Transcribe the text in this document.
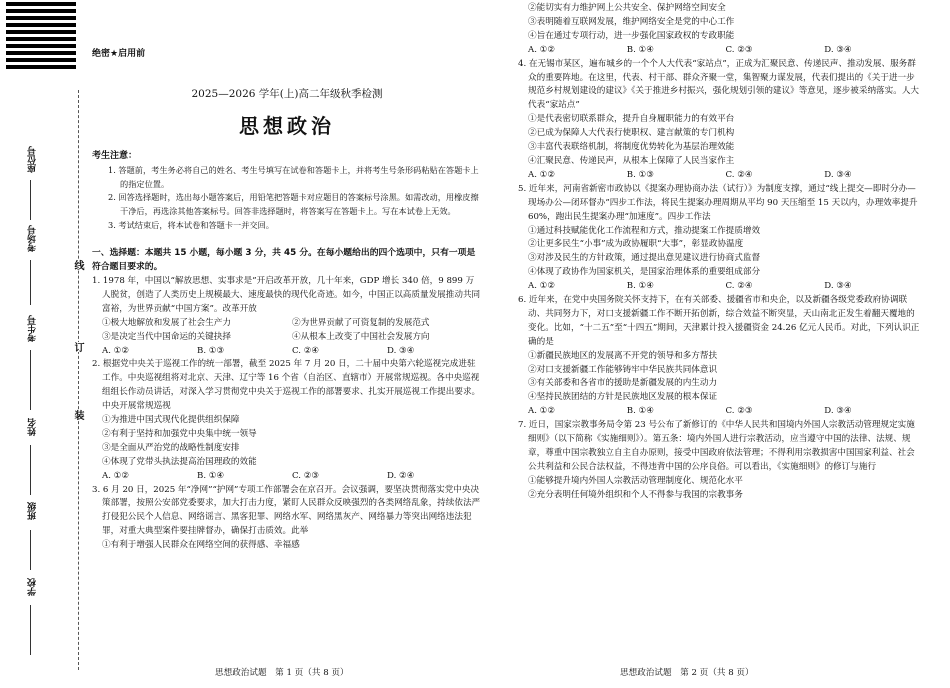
座位号
考场号
考生号
姓名
班级
学校
线
订
装
绝密★启用前
2025—2026 学年(上)高二年级秋季检测
思想政治
考生注意：
1. 答题前，考生务必将自己的姓名、考生号填写在试卷和答题卡上，并将考生号条形码粘贴在答题卡上的指定位置。
2. 回答选择题时，选出每小题答案后，用铅笔把答题卡对应题目的答案标号涂黑。如需改动，用橡皮擦干净后，再选涂其他答案标号。回答非选择题时，将答案写在答题卡上。写在本试卷上无效。
3. 考试结束后，将本试卷和答题卡一并交回。
一、选择题：本题共 15 小题，每小题 3 分，共 45 分。在每小题给出的四个选项中，只有一项是符合题目要求的。
1. 1978 年，中国以“解放思想、实事求是”开启改革开放，几十年来，GDP 增长 340 倍，9 899 万人脱贫，创造了人类历史上规模最大、速度最快的现代化奇迹。如今，中国正以高质量发展推动共同富裕，为世界贡献“中国方案”。改革开放
①极大地解放和发展了社会生产力	②为世界贡献了可资复制的发展范式
③是决定当代中国命运的关键抉择	④从根本上改变了中国社会发展方向
A. ①②	B. ①③	C. ②④	D. ③④
2. 根据党中央关于巡视工作的统一部署，截至 2025 年 7 月 20 日，二十届中央第六轮巡视完成进驻工作。中央巡视组将对北京、天津、辽宁等 16 个省（自治区、直辖市）开展常规巡视。各中央巡视组组长作动员讲话，对深入学习贯彻党中央关于巡视工作的部署要求、扎实开展巡视工作提出要求。中央开展常规巡视
①为推进中国式现代化提供组织保障
②有利于坚持和加强党中央集中统一领导
③是全面从严治党的战略性制度安排
④体现了党带头执法提高治国理政的效能
A. ①②	B. ①④	C. ②③	D. ②④
3. 6 月 20 日，2025 年“净网”“护网”专项工作部署会在京召开。会议强调，要坚决贯彻落实党中央决策部署，按照公安部党委要求，加大打击力度，紧盯人民群众反映强烈的各类网络乱象，持续依法严打侵犯公民个人信息、网络谣言、黑客犯罪、网络水军、网络黑灰产、网络暴力等突出网络违法犯罪，对重大典型案件要挂牌督办，确保打击质效。此举
①有利于增强人民群众在网络空间的获得感、幸福感
思想政治试题　第 1 页（共 8 页）
②能切实有力维护网上公共安全、保护网络空间安全
③表明随着互联网发展，维护网络安全是党的中心工作
④旨在通过专项行动，进一步强化国家政权的专政职能
A. ①②	B. ①④	C. ②③	D. ③④
4. 在无锡市某区，遍布城乡的一个个人大代表“家站点”，正成为汇聚民意、传递民声、推动发展、服务群众的重要阵地。在这里，代表、村干部、群众齐聚一堂，集智聚力谋发展，代表们提出的《关于进一步规范乡村规划建设的建议》《关于推进乡村振兴，强化规划引领的建议》等意见，逐步被采纳落实。人大代表“家站点”
①是代表密切联系群众，提升自身履职能力的有效平台
②已成为保障人大代表行使职权、建言献策的专门机构
③丰富代表联络机制，将制度优势转化为基层治理效能
④汇聚民意、传递民声，从根本上保障了人民当家作主
A. ①②	B. ①③	C. ②④	D. ③④
5. 近年来，河南省新密市政协以《提案办理协商办法（试行）》为制度支撑，通过“线上提交—即时分办—现场办公—闭环督办”四步工作法，将民生提案办理周期从平均 90 天压缩至 15 天以内，办理效率提升 60%，跑出民生提案办理“加速度”。四步工作法
①通过科技赋能优化工作流程和方式，推动提案工作提质增效
②让更多民生“小事”成为政协履职“大事”，彰显政协温度
③对涉及民生的方针政策，通过提出意见建议进行协商式监督
④体现了政协作为国家机关，是国家治理体系的重要组成部分
A. ①②	B. ①④	C. ②④	D. ③④
6. 近年来，在党中央国务院关怀支持下，在有关部委、援疆省市和央企，以及新疆各级党委政府协调联动、共同努力下，对口支援新疆工作不断开拓创新，综合效益不断突显，天山南北正发生着翻天覆地的变化。比如，“十二五”至“十四五”期间，天津累计投入援疆资金 24.26 亿元人民币。对此，下列认识正确的是
①新疆民族地区的发展离不开党的领导和多方帮扶
②对口支援新疆工作能够铸牢中华民族共同体意识
③有关部委和各省市的援助是新疆发展的内生动力
④坚持民族团结的方针是民族地区发展的根本保证
A. ①②	B. ①④	C. ②③	D. ③④
7. 近日，国家宗教事务局令第 23 号公布了新修订的《中华人民共和国境内外国人宗教活动管理规定实施细则》（以下简称《实施细则》）。第五条：境内外国人进行宗教活动，应当遵守中国的法律、法规、规章，尊重中国宗教独立自主自办原则，接受中国政府依法管理；不得利用宗教损害中国国家利益、社会公共利益和公民合法权益，不得违背中国的公序良俗。可以看出，《实施细则》的修订与施行
①能够提升境内外国人宗教活动管理制度化、规范化水平
②充分表明任何境外组织和个人不得参与我国的宗教事务
思想政治试题　第 2 页（共 8 页）
